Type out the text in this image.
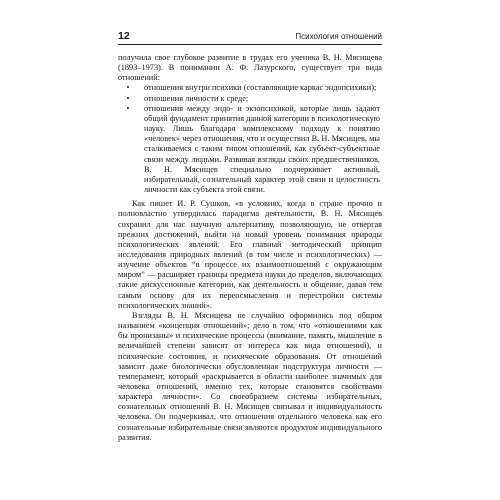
12	Психология отношений

получила свое глубокое развитие в трудах его ученика В. Н. Мясищева (1893–1973). В понимании А. Ф. Лазурского, существует три вида отношений:

•	отношения внутри психики (составляющие каркас эндопсихики);
•	отношения личности к среде;
•	отношения между эндо- и экзопсихикой, которые лишь задают общий фундамент принятия данной категории в психологическую науку. Лишь благодаря комплексному подходу к понятию «человек» через отношения, что и осуществил В. Н. Мясищев, мы сталкиваемся с таким типом отношений, как субъект-субъектные связи между людьми. Развивая взгляды своих предшественников, В. Н. Мясищев специально подчеркивает активный, избирательный, сознательный характер этой связи и целостность личности как субъекта этой связи.

Как пишет И. Р. Сушков, «в условиях, когда в стране прочно и полновластно утвердилась парадигма деятельности, В. Н. Мясищев сохранил для нас научную альтернативу, позволяющую, не отвергая прежних достижений, выйти на новый уровень понимания природы психологических явлений. Его главный методический принцип исследования природных явлений (в том числе и психологических) — изучение объектов “в процессе их взаимоотношений с окружающим миром” — расширяет границы предмета науки до пределов, включающих такие дискуссионные категории, как деятельность и общение, давая тем самым основу для их переосмысления и перестройки системы психологических знаний».

Взгляды В. Н. Мясищева не случайно оформились под общим названием «концепция отношений»; дело в том, что «отношениями как бы пронизаны» и психические процессы (внимание, память, мышление в величайшей степени зависят от интереса как вида отношений), и психические состояния, и психические образования. От отношений зависит даже биологически обусловленная подструктура личности — темперамент, который «раскрывается в области наиболее значимых для человека отношений, именно тех, которые становятся свойствами характера личности». Со своеобразием системы избирательных, сознательных отношений В. Н. Мясищев связывал и индивидуальность человека. Он подчеркивал, что отношения отдельного человека как его сознательные избирательные связи являются продуктом индивидуального развития.
